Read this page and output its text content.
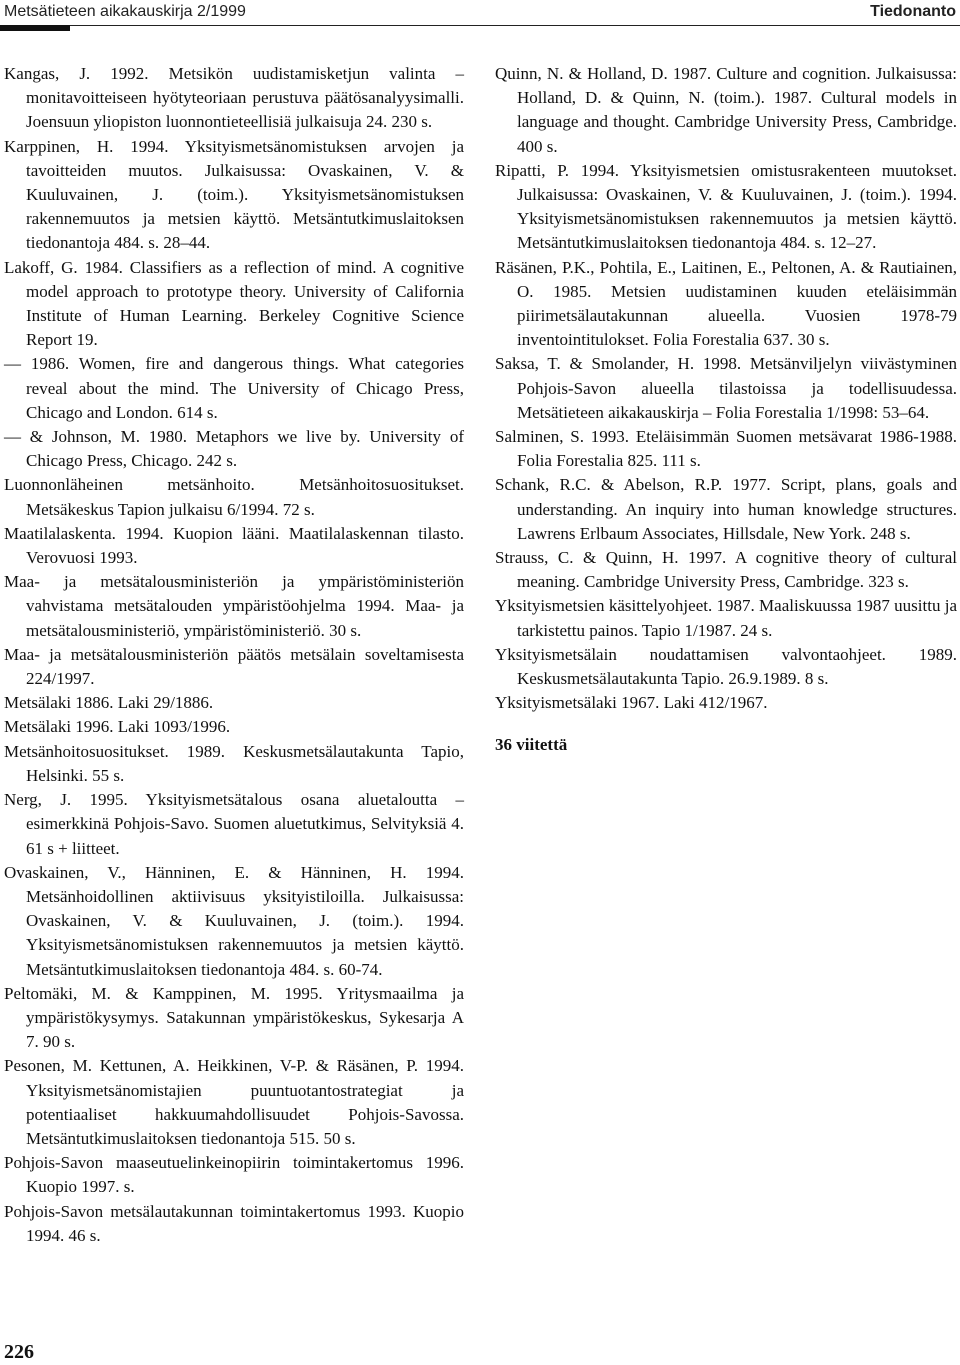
Metsätieteen aikakauskirja 2/1999	Tiedonanto

Kangas, J. 1992. Metsikön uudistamisketjun valinta – monitavoitteiseen hyötyteoriaan perustuva päätösanalyysimalli. Joensuun yliopiston luonnontieteellisiä julkaisuja 24. 230 s.

Karppinen, H. 1994. Yksityismetsänomistuksen arvojen ja tavoitteiden muutos. Julkaisussa: Ovaskainen, V. & Kuuluvainen, J. (toim.). Yksityismetsänomistuksen rakennemuutos ja metsien käyttö. Metsäntutkimuslaitoksen tiedonantoja 484. s. 28–44.

Lakoff, G. 1984. Classifiers as a reflection of mind. A cognitive model approach to prototype theory. University of California Institute of Human Learning. Berkeley Cognitive Science Report 19.

— 1986. Women, fire and dangerous things. What categories reveal about the mind. The University of Chicago Press, Chicago and London. 614 s.

— & Johnson, M. 1980. Metaphors we live by. University of Chicago Press, Chicago. 242 s.

Luonnonläheinen metsänhoito. Metsänhoitosuositukset. Metsäkeskus Tapion julkaisu 6/1994. 72 s.

Maatilalaskenta. 1994. Kuopion lääni. Maatilalaskennan tilasto. Verovuosi 1993.

Maa- ja metsätalousministeriön ja ympäristöministeriön vahvistama metsätalouden ympäristöohjelma 1994. Maa- ja metsätalousministeriö, ympäristöministeriö. 30 s.

Maa- ja metsätalousministeriön päätös metsälain soveltamisesta 224/1997.

Metsälaki 1886. Laki 29/1886.

Metsälaki 1996. Laki 1093/1996.

Metsänhoitosuositukset. 1989. Keskusmetsälautakunta Tapio, Helsinki. 55 s.

Nerg, J. 1995. Yksityismetsätalous osana aluetaloutta – esimerkkinä Pohjois-Savo. Suomen aluetutkimus, Selvityksiä 4. 61 s + liitteet.

Ovaskainen, V., Hänninen, E. & Hänninen, H. 1994. Metsänhoidollinen aktiivisuus yksityistiloilla. Julkaisussa: Ovaskainen, V. & Kuuluvainen, J. (toim.). 1994. Yksityismetsänomistuksen rakennemuutos ja metsien käyttö. Metsäntutkimuslaitoksen tiedonantoja 484. s. 60-74.

Peltomäki, M. & Kamppinen, M. 1995. Yritysmaailma ja ympäristökysymys. Satakunnan ympäristökeskus, Sykesarja A 7. 90 s.

Pesonen, M. Kettunen, A. Heikkinen, V-P. & Räsänen, P. 1994. Yksityismetsänomistajien puuntuotantostrategiat ja potentiaaliset hakkuumahdollisuudet Pohjois-Savossa. Metsäntutkimuslaitoksen tiedonantoja 515. 50 s.

Pohjois-Savon maaseutuelinkeinopiirin toimintakertomus 1996. Kuopio 1997. s.

Pohjois-Savon metsälautakunnan toimintakertomus 1993. Kuopio 1994. 46 s.

Quinn, N. & Holland, D. 1987. Culture and cognition. Julkaisussa: Holland, D. & Quinn, N. (toim.). 1987. Cultural models in language and thought. Cambridge University Press, Cambridge. 400 s.

Ripatti, P. 1994. Yksityismetsien omistusrakenteen muutokset. Julkaisussa: Ovaskainen, V. & Kuuluvainen, J. (toim.). 1994. Yksityismetsänomistuksen rakennemuutos ja metsien käyttö. Metsäntutkimuslaitoksen tiedonantoja 484. s. 12–27.

Räsänen, P.K., Pohtila, E., Laitinen, E., Peltonen, A. & Rautiainen, O. 1985. Metsien uudistaminen kuuden eteläisimmän piirimetsälautakunnan alueella. Vuosien 1978-79 inventointitulokset. Folia Forestalia 637. 30 s.

Saksa, T. & Smolander, H. 1998. Metsänviljelyn viivästyminen Pohjois-Savon alueella tilastoissa ja todellisuudessa. Metsätieteen aikakauskirja – Folia Forestalia 1/1998: 53–64.

Salminen, S. 1993. Eteläisimmän Suomen metsävarat 1986-1988. Folia Forestalia 825. 111 s.

Schank, R.C. & Abelson, R.P. 1977. Script, plans, goals and understanding. An inquiry into human knowledge structures. Lawrens Erlbaum Associates, Hillsdale, New York. 248 s.

Strauss, C. & Quinn, H. 1997. A cognitive theory of cultural meaning. Cambridge University Press, Cambridge. 323 s.

Yksityismetsien käsittelyohjeet. 1987. Maaliskuussa 1987 uusittu ja tarkistettu painos. Tapio 1/1987. 24 s.

Yksityismetsälain noudattamisen valvontaohjeet. 1989. Keskusmetsälautakunta Tapio. 26.9.1989. 8 s.

Yksityismetsälaki 1967. Laki 412/1967.

36 viitettä
226
